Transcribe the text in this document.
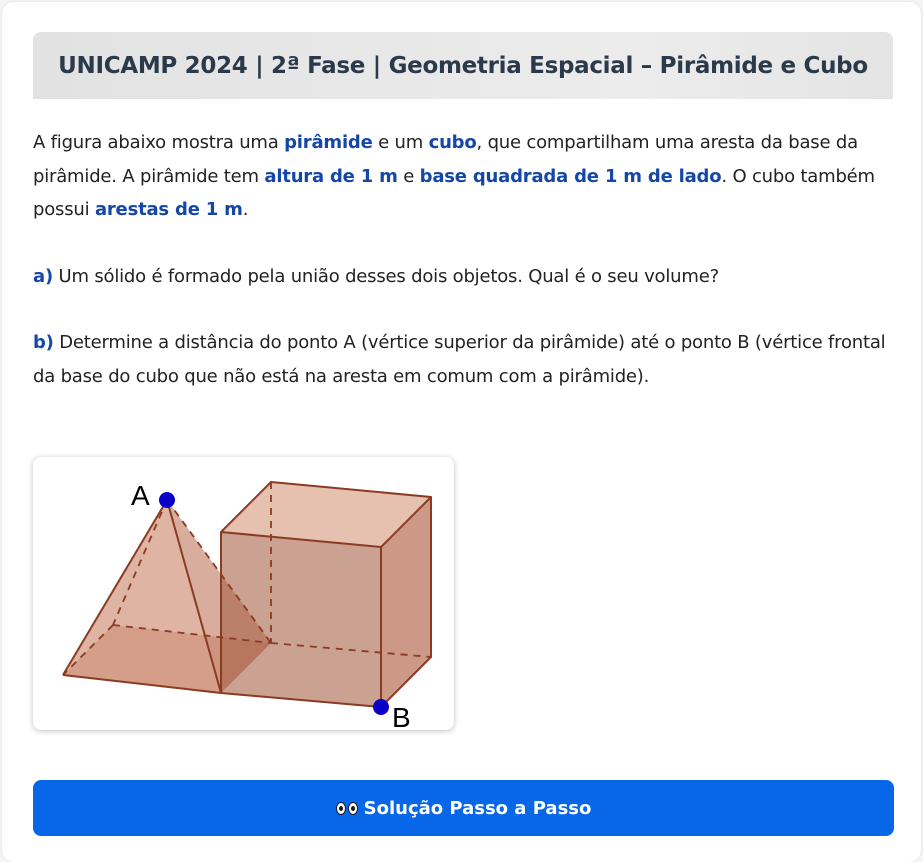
UNICAMP 2024 | 2ª Fase | Geometria Espacial – Pirâmide e Cubo

A figura abaixo mostra uma pirâmide e um cubo, que compartilham uma aresta da base da pirâmide. A pirâmide tem altura de 1 m e base quadrada de 1 m de lado. O cubo também possui arestas de 1 m.

a) Um sólido é formado pela união desses dois objetos. Qual é o seu volume?

b) Determine a distância do ponto A (vértice superior da pirâmide) até o ponto B (vértice frontal da base do cubo que não está na aresta em comum com a pirâmide).

A
B
Solução Passo a Passo
